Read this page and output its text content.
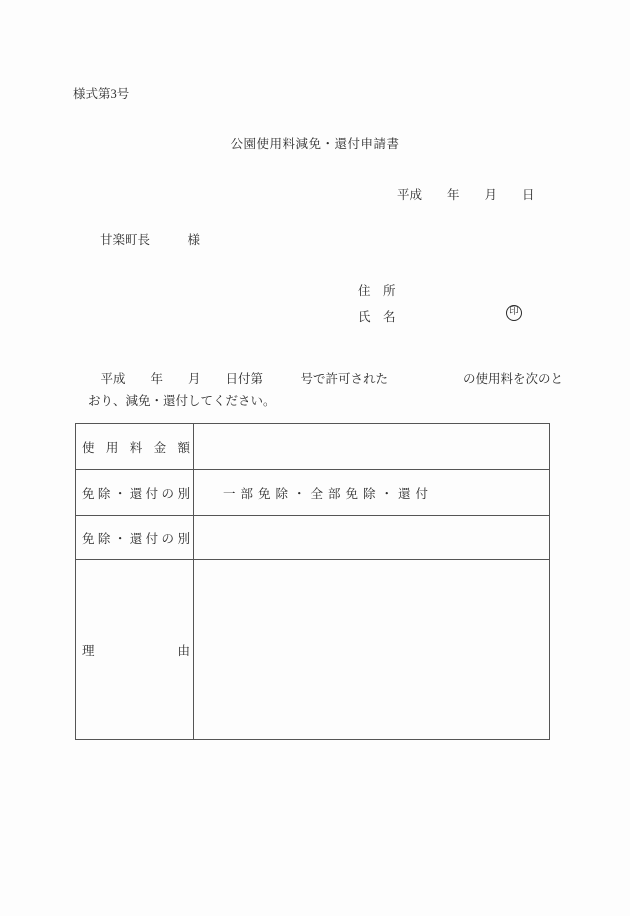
様式第3号
公園使用料減免・還付申請書
平成　　年　　月　　日
甘楽町長　　　様
住　所
氏　名	印
　平成　　年　　月　　日付第　　　号で許可された　　　　　　の使用料を次のと
おり、減免・還付してください。
使 用 料 金 額
免 除 ・ 還 付 の 別	一部免除・全部免除・還付
免 除 ・ 還 付 の 別
理	由
